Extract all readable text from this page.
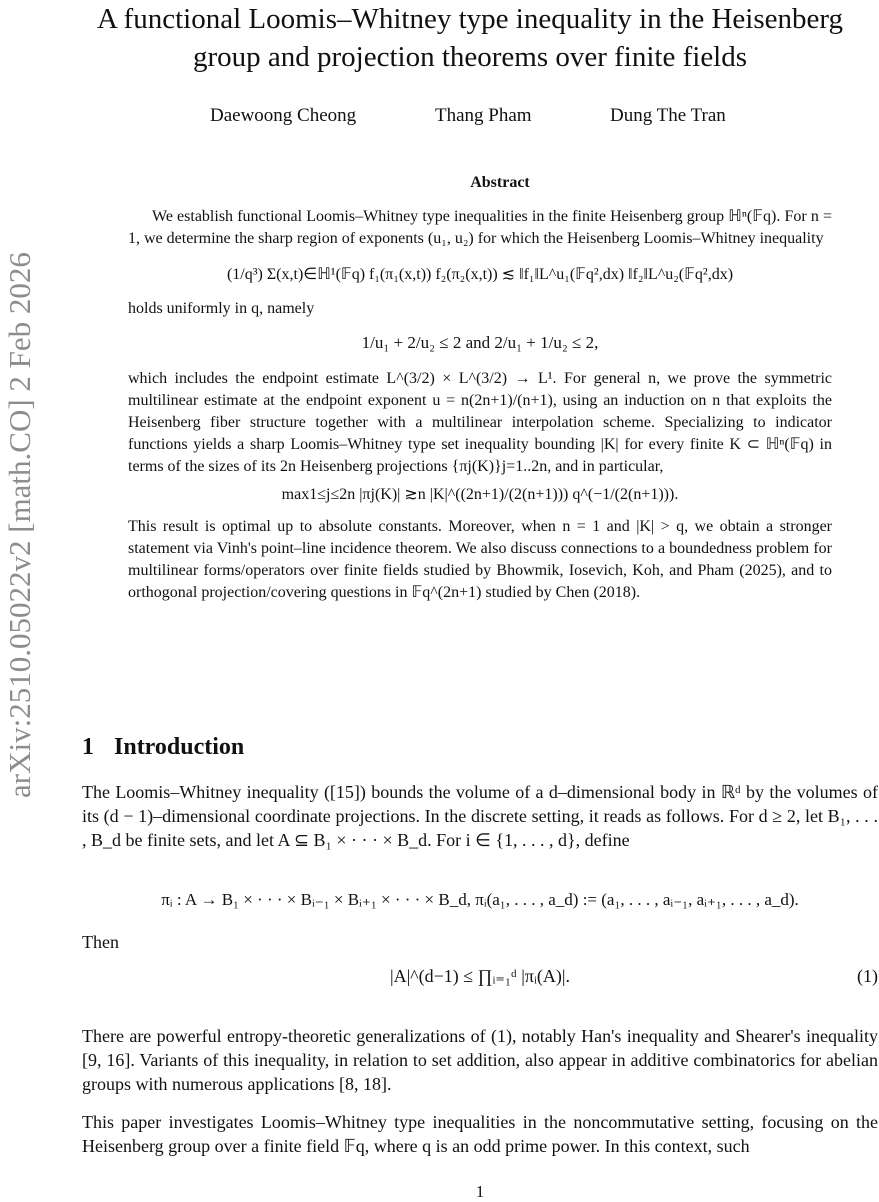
arXiv:2510.05022v2 [math.CO] 2 Feb 2026
A functional Loomis–Whitney type inequality in the Heisenberg
group and projection theorems over finite fields
Daewoong Cheong	Thang Pham	Dung The Tran
Abstract

We establish functional Loomis–Whitney type inequalities in the finite Heisenberg group ℍⁿ(𝔽q). For n = 1, we determine the sharp region of exponents (u₁, u₂) for which the Heisenberg Loomis–Whitney inequality

(1/q³) Σ(x,t)∈ℍ¹(𝔽q) f₁(π₁(x,t)) f₂(π₂(x,t)) ≲ ‖f₁‖L^u₁(𝔽q²,dx) ‖f₂‖L^u₂(𝔽q²,dx)

holds uniformly in q, namely

1/u₁ + 2/u₂ ≤ 2 and 2/u₁ + 1/u₂ ≤ 2,

which includes the endpoint estimate L^(3/2) × L^(3/2) → L¹. For general n, we prove the symmetric multilinear estimate at the endpoint exponent u = n(2n+1)/(n+1), using an induction on n that exploits the Heisenberg fiber structure together with a multilinear interpolation scheme. Specializing to indicator functions yields a sharp Loomis–Whitney type set inequality bounding |K| for every finite K ⊂ ℍⁿ(𝔽q) in terms of the sizes of its 2n Heisenberg projections {πj(K)}j=1..2n, and in particular,

max1≤j≤2n |πj(K)| ≳n |K|^((2n+1)/(2(n+1))) q^(−1/(2(n+1))).

This result is optimal up to absolute constants. Moreover, when n = 1 and |K| > q, we obtain a stronger statement via Vinh's point–line incidence theorem. We also discuss connections to a boundedness problem for multilinear forms/operators over finite fields studied by Bhowmik, Iosevich, Koh, and Pham (2025), and to orthogonal projection/covering questions in 𝔽q^(2n+1) studied by Chen (2018).

1 Introduction
The Loomis–Whitney inequality ([15]) bounds the volume of a d–dimensional body in ℝᵈ by the volumes of its (d − 1)–dimensional coordinate projections. In the discrete setting, it reads as follows. For d ≥ 2, let B₁, . . . , B_d be finite sets, and let A ⊆ B₁ × · · · × B_d. For i ∈ {1, . . . , d}, define
πᵢ : A → B₁ × · · · × Bᵢ₋₁ × Bᵢ₊₁ × · · · × B_d, πᵢ(a₁, . . . , a_d) := (a₁, . . . , aᵢ₋₁, aᵢ₊₁, . . . , a_d).
Then
|A|^(d−1) ≤ ∏ᵢ₌₁ᵈ |πᵢ(A)|.	(1)
There are powerful entropy-theoretic generalizations of (1), notably Han's inequality and Shearer's inequality [9, 16]. Variants of this inequality, in relation to set addition, also appear in additive combinatorics for abelian groups with numerous applications [8, 18].
This paper investigates Loomis–Whitney type inequalities in the noncommutative setting, focusing on the Heisenberg group over a finite field 𝔽q, where q is an odd prime power. In this context, such
1
